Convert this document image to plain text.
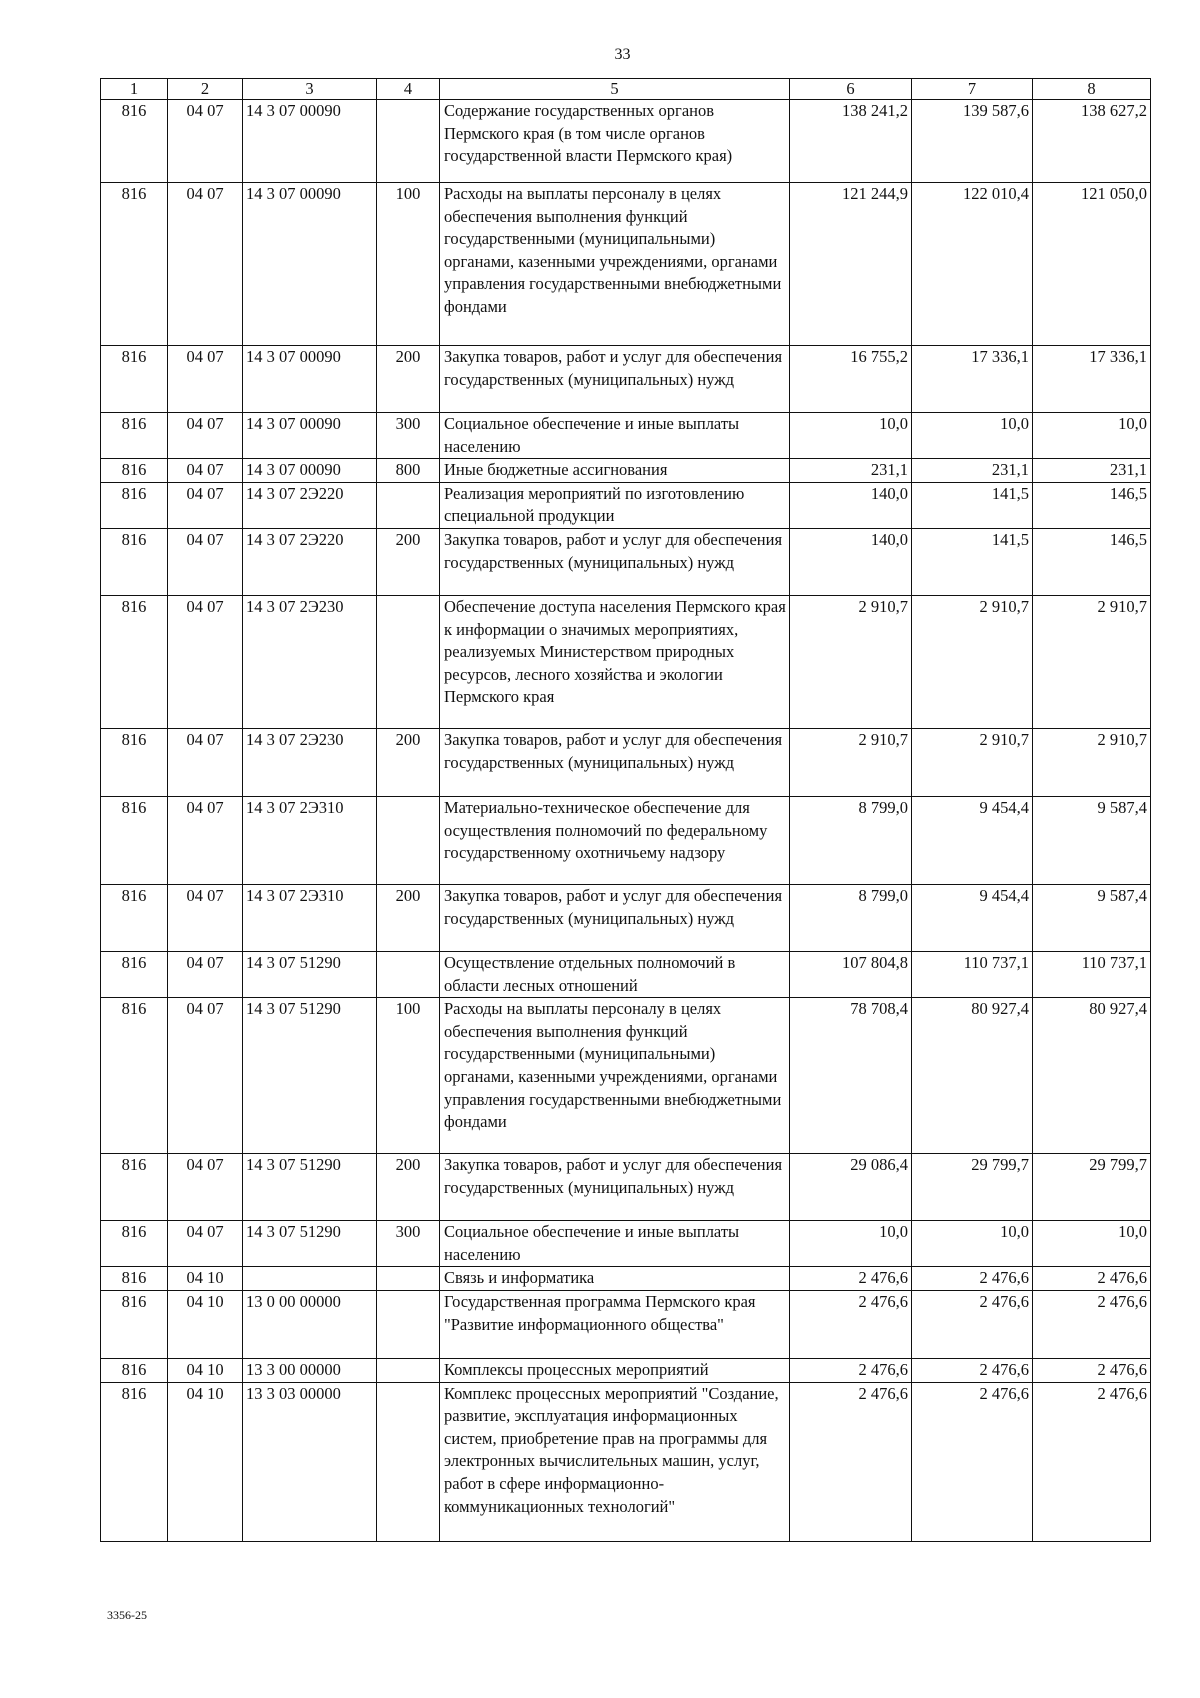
33
1	2	3	4	5	6	7	8
816	04 07	14 3 07 00090		Содержание государственных органов Пермского края (в том числе органов государственной власти Пермского края)	138 241,2	139 587,6	138 627,2
816	04 07	14 3 07 00090	100	Расходы на выплаты персоналу в целях обеспечения выполнения функций государственными (муниципальными) органами, казенными учреждениями, органами управления государственными внебюджетными фондами	121 244,9	122 010,4	121 050,0
816	04 07	14 3 07 00090	200	Закупка товаров, работ и услуг для обеспечения государственных (муниципальных) нужд	16 755,2	17 336,1	17 336,1
816	04 07	14 3 07 00090	300	Социальное обеспечение и иные выплаты населению	10,0	10,0	10,0
816	04 07	14 3 07 00090	800	Иные бюджетные ассигнования	231,1	231,1	231,1
816	04 07	14 3 07 2Э220		Реализация мероприятий по изготовлению специальной продукции	140,0	141,5	146,5
816	04 07	14 3 07 2Э220	200	Закупка товаров, работ и услуг для обеспечения государственных (муниципальных) нужд	140,0	141,5	146,5
816	04 07	14 3 07 2Э230		Обеспечение доступа населения Пермского края к информации о значимых мероприятиях, реализуемых Министерством природных ресурсов, лесного хозяйства и экологии Пермского края	2 910,7	2 910,7	2 910,7
816	04 07	14 3 07 2Э230	200	Закупка товаров, работ и услуг для обеспечения государственных (муниципальных) нужд	2 910,7	2 910,7	2 910,7
816	04 07	14 3 07 2Э310		Материально-техническое обеспечение для осуществления полномочий по федеральному государственному охотничьему надзору	8 799,0	9 454,4	9 587,4
816	04 07	14 3 07 2Э310	200	Закупка товаров, работ и услуг для обеспечения государственных (муниципальных) нужд	8 799,0	9 454,4	9 587,4
816	04 07	14 3 07 51290		Осуществление отдельных полномочий в области лесных отношений	107 804,8	110 737,1	110 737,1
816	04 07	14 3 07 51290	100	Расходы на выплаты персоналу в целях обеспечения выполнения функций государственными (муниципальными) органами, казенными учреждениями, органами управления государственными внебюджетными фондами	78 708,4	80 927,4	80 927,4
816	04 07	14 3 07 51290	200	Закупка товаров, работ и услуг для обеспечения государственных (муниципальных) нужд	29 086,4	29 799,7	29 799,7
816	04 07	14 3 07 51290	300	Социальное обеспечение и иные выплаты населению	10,0	10,0	10,0
816	04 10			Связь и информатика	2 476,6	2 476,6	2 476,6
816	04 10	13 0 00 00000		Государственная программа Пермского края "Развитие информационного общества"	2 476,6	2 476,6	2 476,6
816	04 10	13 3 00 00000		Комплексы процессных мероприятий	2 476,6	2 476,6	2 476,6
816	04 10	13 3 03 00000		Комплекс процессных мероприятий "Создание, развитие, эксплуатация информационных систем, приобретение прав на программы для электронных вычислительных машин, услуг, работ в сфере информационно-коммуникационных технологий"	2 476,6	2 476,6	2 476,6
3356-25
